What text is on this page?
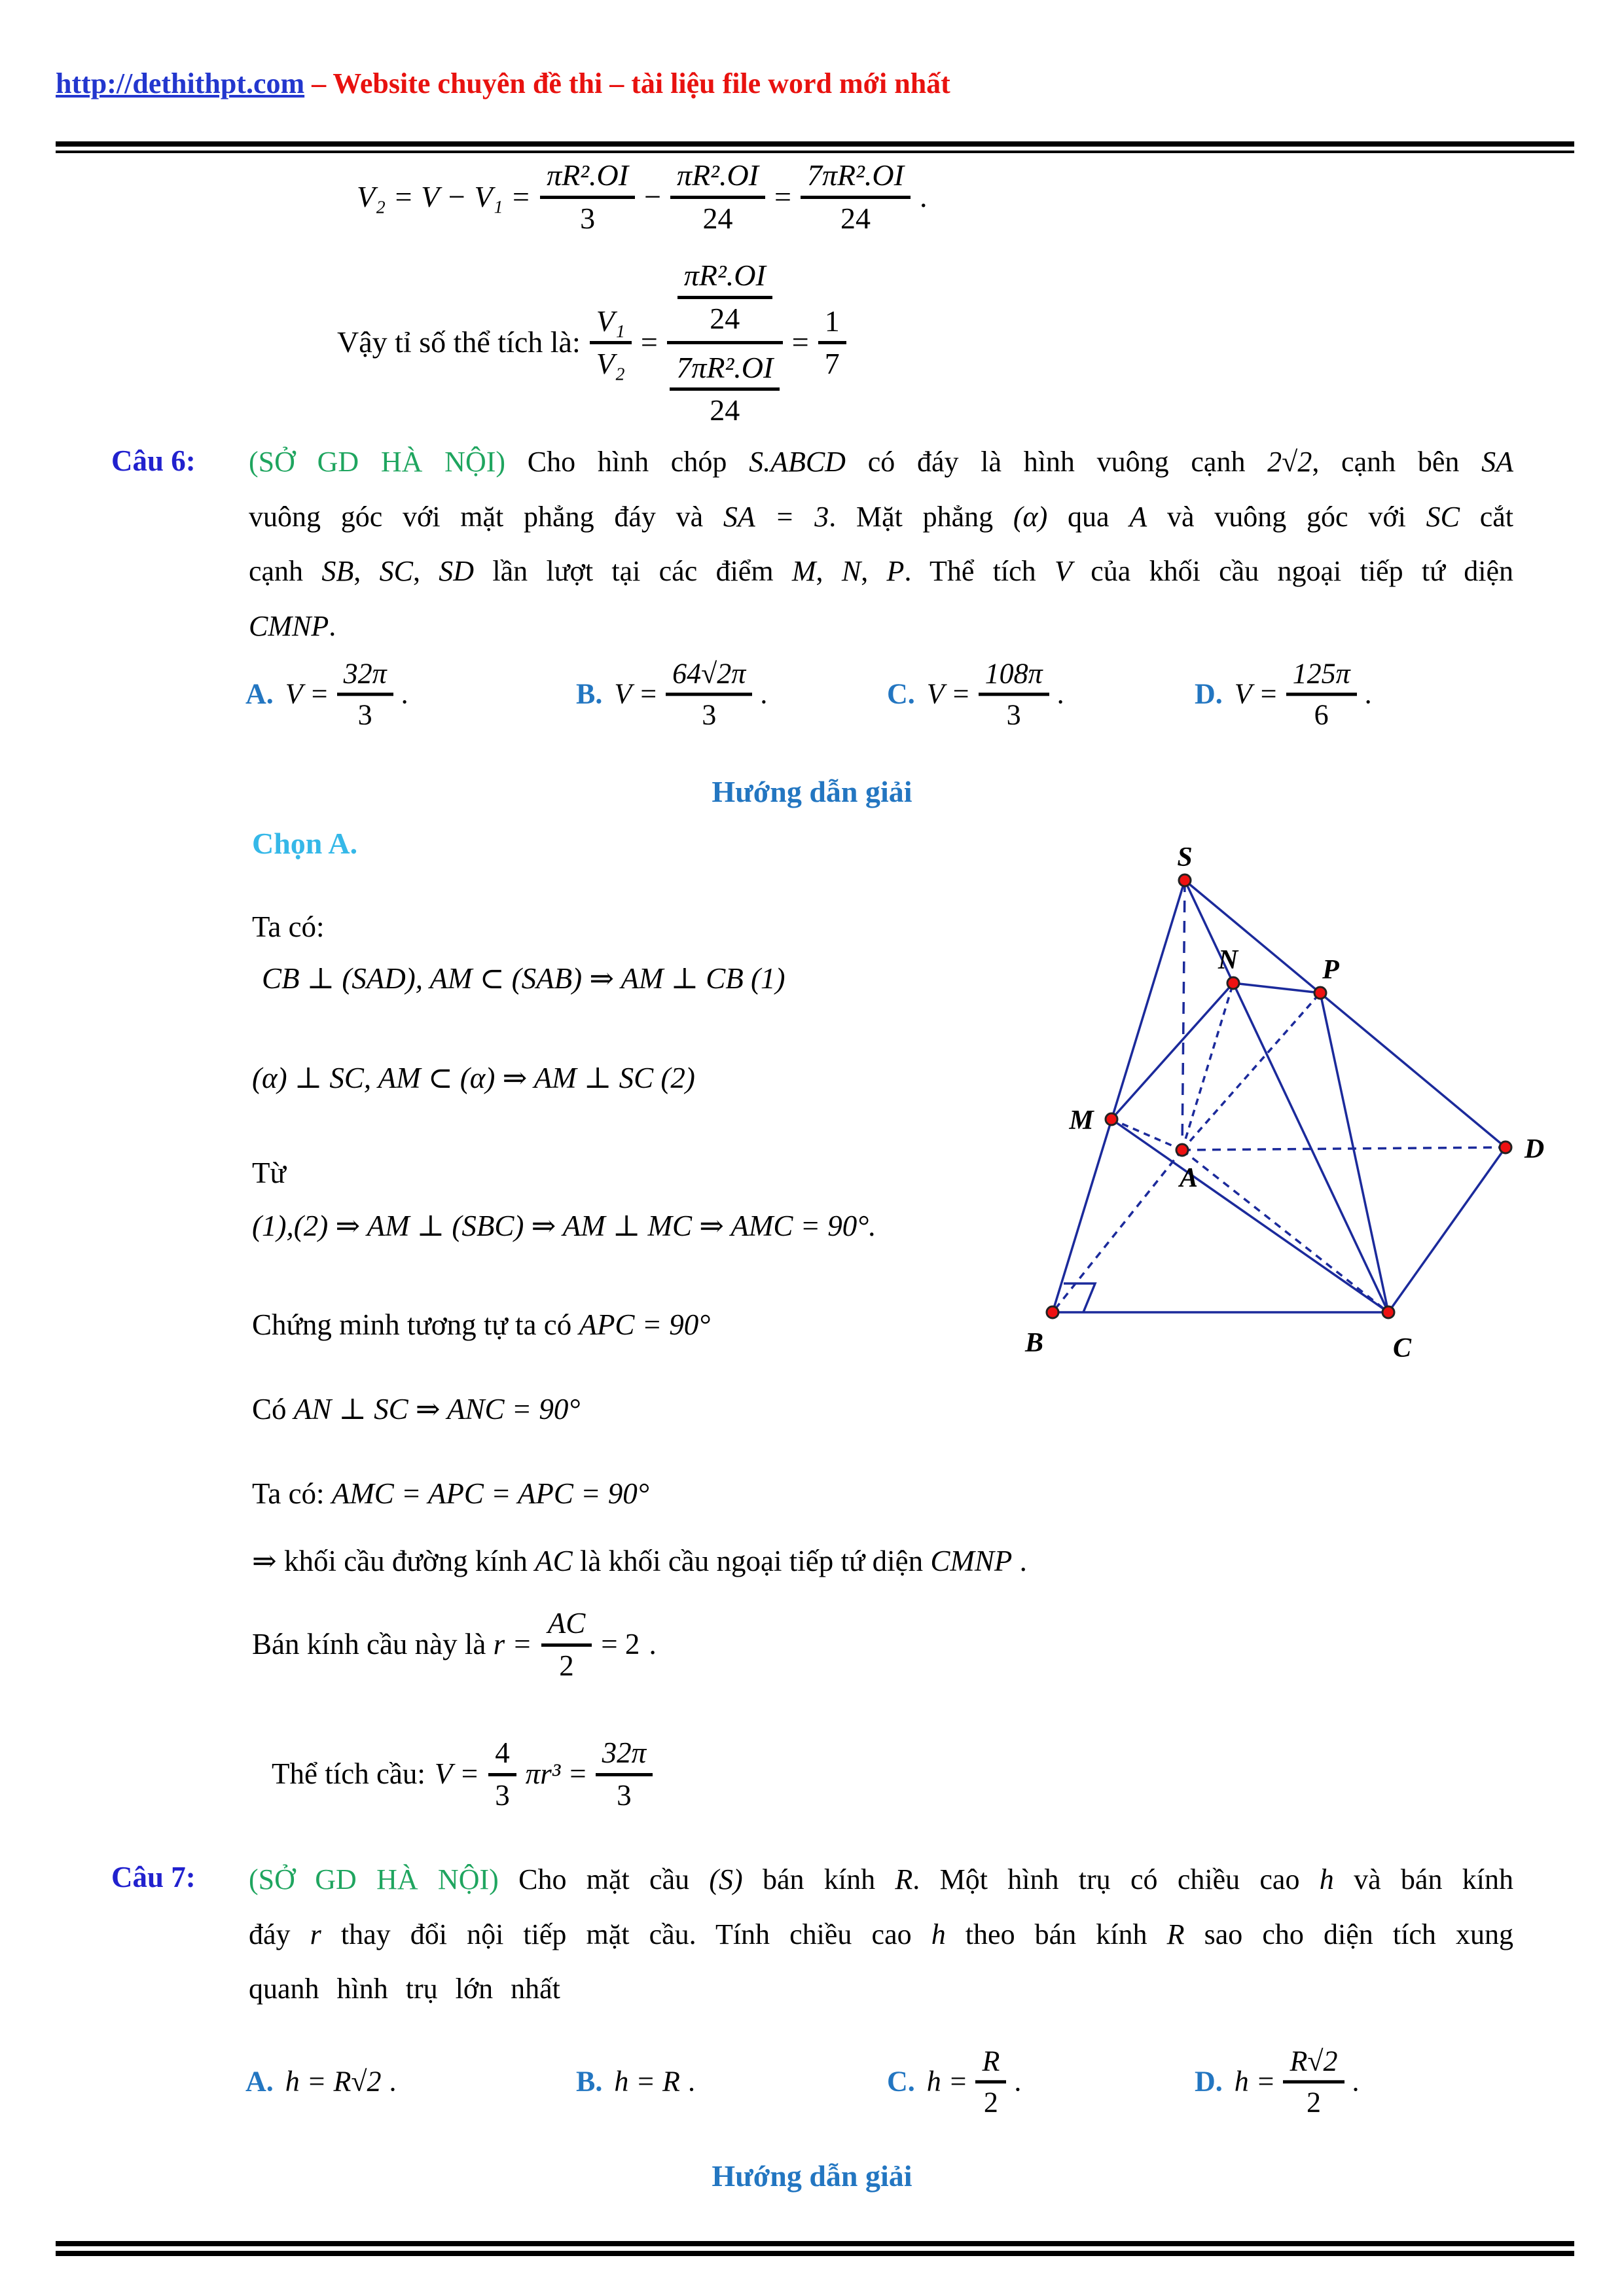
http://dethithpt.com – Website chuyên đề thi – tài liệu file word mới nhất
$V_2 = V - V_1 = \frac{\text{πR².OI}}{3} - \frac{\text{πR².OI}}{24} = \frac{\text{7πR².OI}}{24}$ .
Vậy tỉ số thể tích là: $\frac{\text{V₁}}{\text{V₂}} = \frac{\frac{\text{πR².OI}}{24}}{\frac{\text{7πR².OI}}{24}} = \frac{1}{7}$
Câu 6: (SỞ GD HÀ NỘI) Cho hình chóp S.ABCD có đáy là hình vuông cạnh 2√2, cạnh bên SA vuông góc với mặt phẳng đáy và SA = 3. Mặt phẳng (α) qua A và vuông góc với SC cắt cạnh SB, SC, SD lần lượt tại các điểm M, N, P. Thể tích V của khối cầu ngoại tiếp tứ diện CMNP.
A. $V = \frac{32\pi}{3}$ .	B. $V = \frac{64√2\pi}{3}$ .	C. $V = \frac{108\pi}{3}$ .	D. $V = \frac{125\pi}{6}$ .
Hướng dẫn giải
Chọn A.
Ta có:
CB ⊥ (SAD), AM ⊂ (SAB) ⇒ AM ⊥ CB (1)
(α) ⊥ SC, AM ⊂ (α) ⇒ AM ⊥ SC (2)
Từ
(1),(2) ⇒ AM ⊥ (SBC) ⇒ AM ⊥ MC ⇒ AMC = 90°.
Chứng minh tương tự ta có APC = 90°
Có AN ⊥ SC ⇒ ANC = 90°
Ta có: AMC = APC = APC = 90°
⇒ khối cầu đường kính AC là khối cầu ngoại tiếp tứ diện CMNP .
Bán kính cầu này là $r = \frac{AC}{2} = 2$ .
Thể tích cầu: $V = \frac{4}{3} \pi r^3 = \frac{32\pi}{3}$
Câu 7: (SỞ GD HÀ NỘI) Cho mặt cầu (S) bán kính R. Một hình trụ có chiều cao h và bán kính đáy r thay đổi nội tiếp mặt cầu. Tính chiều cao h theo bán kính R sao cho diện tích xung quanh hình trụ lớn nhất
A. h = R√2 .	B. h = R .	C. $h = \frac{R}{2}$ .	D. $h = \frac{R√2}{2}$ .
Hướng dẫn giải
S
N	P
M
A
B	C
D
